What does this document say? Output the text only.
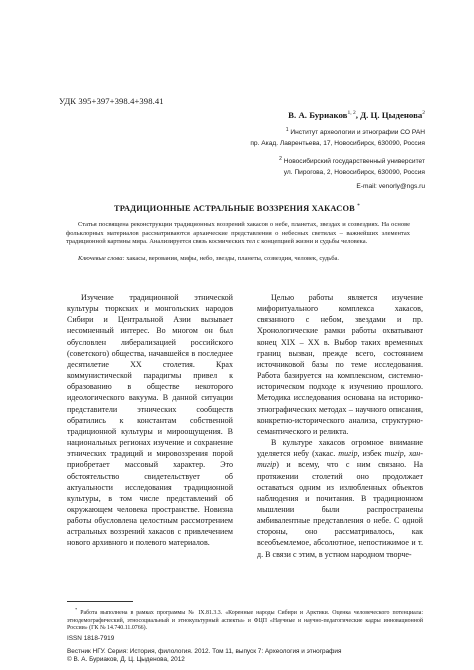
УДК 395+397+398.4+398.41
В. А. Буриаков$^{1, 2}$, Д. Ц. Цыденова$^2$
$^1$ Институт археологии и этнографии СО РАН
пр. Акад. Лаврентьева, 17, Новосибирск, 630090, Россия
$^2$ Новосибирский государственный университет
ул. Пирогова, 2, Новосибирск, 630090, Россия
E-mail: venorly@ngs.ru
ТРАДИЦИОННЫЕ АСТРАЛЬНЫЕ ВОЗЗРЕНИЯ ХАКАСОВ *

Статья посвящена реконструкции традиционных воззрений хакасов о небе, планетах, звездах и созвездиях. На основе фольклорных материалов рассматриваются архаические представления о небесных светилах – важнейших элементах традиционной картины мира. Анализируется связь космических тел с концепцией жизни и судьбы человека.

Ключевые слова: хакасы, верования, мифы, небо, звезды, планеты, созвездия, человек, судьба.

Изучение традиционной этнической культуры тюркских и монгольских народов Сибири и Центральной Азии вызывает несомненный интерес. Во многом он был обусловлен либерализацией российского (советского) общества, начавшейся в последнее десятилетие XX столетия. Крах коммунистической парадигмы привел к образованию в обществе некоторого идеологического вакуума. В данной ситуации представители этнических сообществ обратились к константам собственной традиционной культуры и мироощущения. В национальных регионах изучение и сохранение этнических традиций и мировоззрения порой приобретает массовый характер. Это обстоятельство свидетельствует об актуальности исследования традиционной культуры, в том числе представлений об окружающем человека пространстве. Новизна работы обусловлена целостным рассмотрением астральных воззрений хакасов с привлечением нового архивного и полевого материалов.

Целью работы является изучение мифоритуального комплекса хакасов, связанного с небом, звездами и пр. Хронологические рамки работы охватывают конец XIX – XX в. Выбор таких временных границ вызван, прежде всего, состоянием источниковой базы по теме исследования. Работа базируется на комплексном, системно-историческом подходе к изучению прошлого. Методика исследования основана на историко-этнографических методах – научного описания, конкретно-исторического анализа, структурно-семантического и реликта.

В культуре хакасов огромное внимание уделяется небу (хакас. тигiр, избек тигiр, хан-тигiр) и всему, что с ним связано. На протяжении столетий оно продолжает оставаться одним из излюбленных объектов наблюдения и почитания. В традиционном мышлении были распространены амбивалентные представления о небе. С одной стороны, оно рассматривалось, как всеобъемлемое, абсолютное, непостижимое и т. д. В связи с этим, в устном народном творче-

* Работа выполнена в рамках программы № IX.81.3.3. «Коренные народы Сибири и Арктики. Оценка человеческого потенциала: этнодемографический, этносоциальный и этнокультурный аспекты» и ФЦП «Научные и научно-педагогические кадры инновационной России» (ГК № 14.740.11.0766).

ISSN 1818-7919
Вестник НГУ. Серия: История, филология. 2012. Том 11, выпуск 7: Археология и этнография
© В. А. Буриаков, Д. Ц. Цыденова, 2012
